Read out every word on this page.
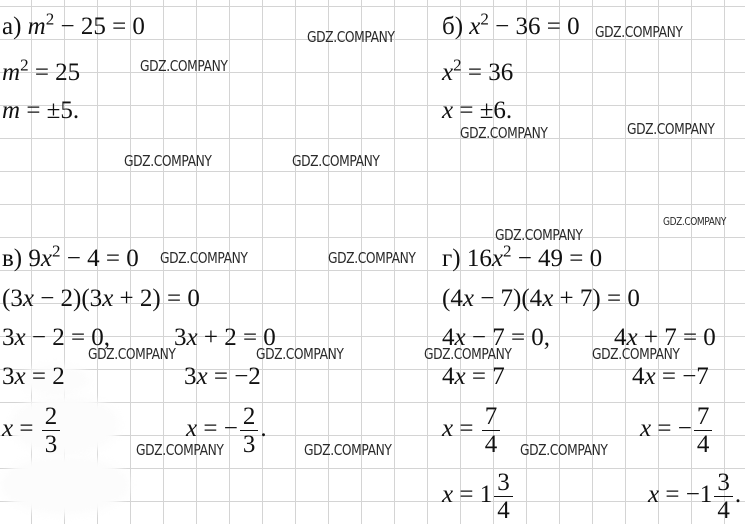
а) $m^2 - 25 = 0$
$m^2 = 25$
m = ±5.
б) $x^2 - 36 = 0$
$x^2 = 36$
x = ±6.
в) $9x^2 - 4 = 0$
(3x − 2)(3x + 2) = 0
3x − 2 = 0,	3x + 2 = 0
3x = 2	3x = −2
$x = \frac{2}{3}$	x = − $\frac{2}{3}$ .
г) $16x^2 - 49 = 0$
(4x − 7)(4x + 7) = 0
4x − 7 = 0,	4x + 7 = 0
4x = 7	4x = −7
$x = \frac{7}{4}$	x = − $\frac{7}{4}$
$x = 1 \frac{3}{4}$	$x = -1 \frac{3}{4}$ .
GDZ.COMPANY	GDZ.COMPANY
GDZ.COMPANY
GDZ.COMPANY	GDZ.COMPANY
GDZ.COMPANY	GDZ.COMPANY
GDZ.COMPANY
GDZ.COMPANY
GDZ.COMPANY	GDZ.COMPANY
GDZ.COMPANY	GDZ.COMPANY	GDZ.COMPANY	GDZ.COMPANY
GDZ.COMPANY	GDZ.COMPANY	GDZ.COMPANY
